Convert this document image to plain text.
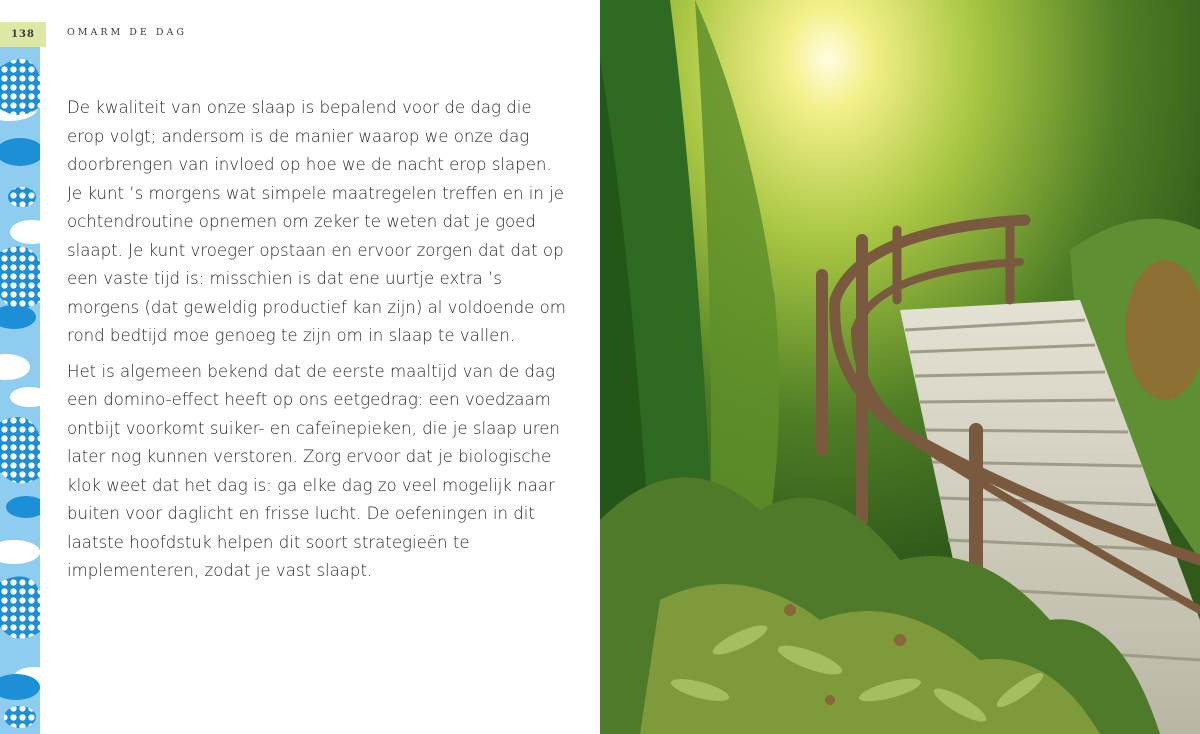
138	OMARM DE DAG

De kwaliteit van onze slaap is bepalend voor de dag die erop volgt; andersom is de manier waarop we onze dag doorbrengen van invloed op hoe we de nacht erop slapen. Je kunt ’s morgens wat simpele maatregelen treffen en in je ochtendroutine opnemen om zeker te weten dat je goed slaapt. Je kunt vroeger opstaan en ervoor zorgen dat dat op een vaste tijd is: misschien is dat ene uurtje extra ’s morgens (dat geweldig productief kan zijn) al voldoende om rond bedtijd moe genoeg te zijn om in slaap te vallen.

Het is algemeen bekend dat de eerste maaltijd van de dag een domino-effect heeft op ons eetgedrag: een voedzaam ontbijt voorkomt suiker- en cafeïnepieken, die je slaap uren later nog kunnen verstoren. Zorg ervoor dat je biologische klok weet dat het dag is: ga elke dag zo veel mogelijk naar buiten voor daglicht en frisse lucht. De oefeningen in dit laatste hoofdstuk helpen dit soort strategieën te implementeren, zodat je vast slaapt.
